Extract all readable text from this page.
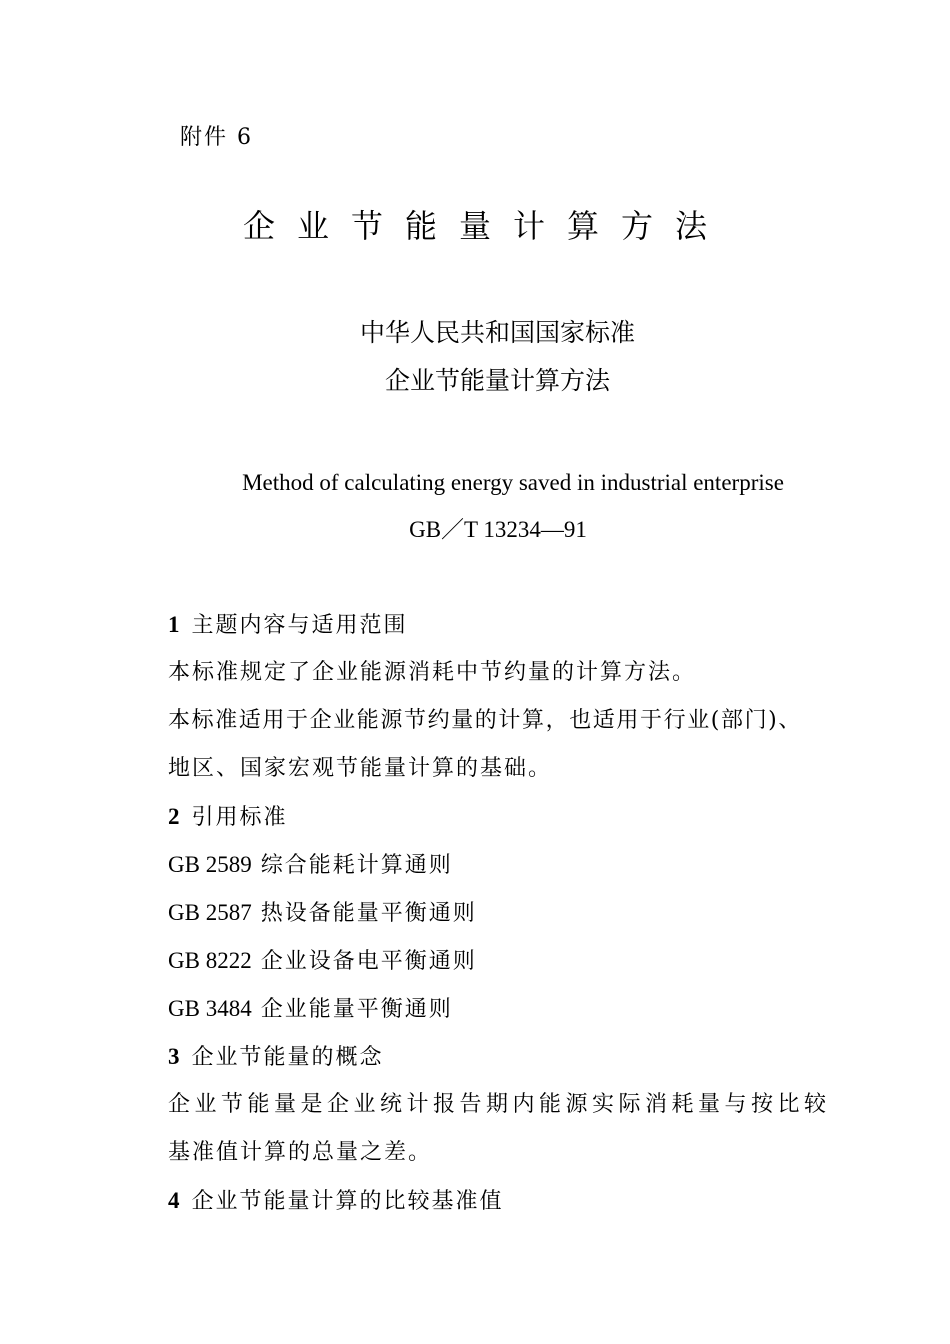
附件 6
企业节能量计算方法
中华人民共和国国家标准
企业节能量计算方法
Method of calculating energy saved in industrial enterprise
GB／T 13234—91
1 主题内容与适用范围
本标准规定了企业能源消耗中节约量的计算方法。
本标准适用于企业能源节约量的计算，也适用于行业(部门)、
地区、国家宏观节能量计算的基础。
2 引用标准
GB 2589 综合能耗计算通则
GB 2587 热设备能量平衡通则
GB 8222 企业设备电平衡通则
GB 3484 企业能量平衡通则
3 企业节能量的概念
企业节能量是企业统计报告期内能源实际消耗量与按比较
基准值计算的总量之差。
4 企业节能量计算的比较基准值
